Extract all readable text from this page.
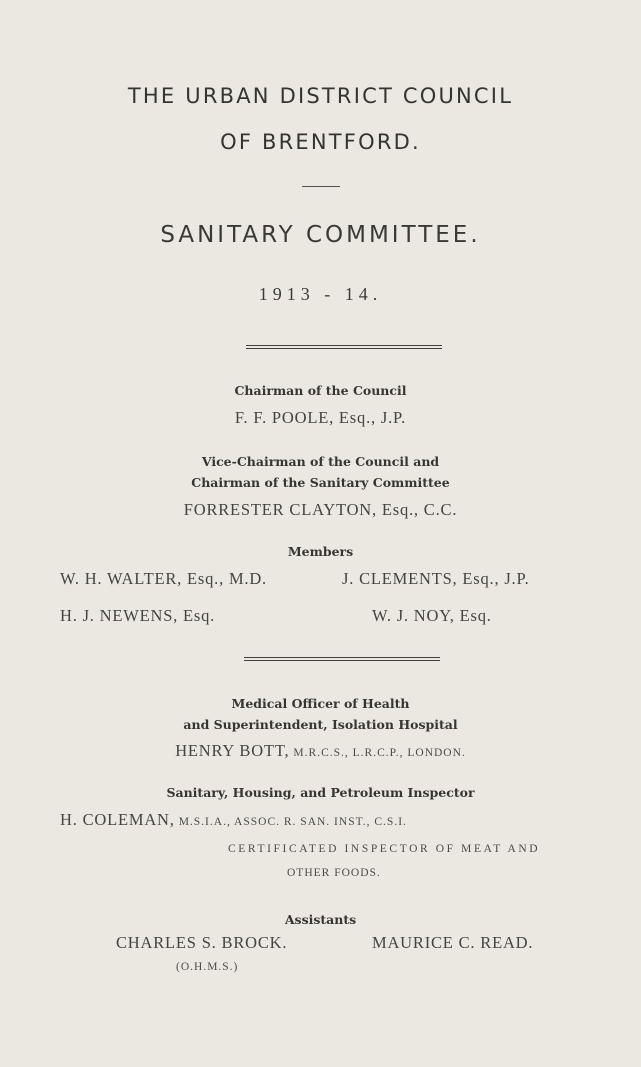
THE URBAN DISTRICT COUNCIL
OF BRENTFORD.
SANITARY COMMITTEE.
1913 - 14.
Chairman of the Council
F. F. POOLE, Esq., J.P.
Vice-Chairman of the Council and
Chairman of the Sanitary Committee
FORRESTER CLAYTON, Esq., C.C.
Members
W. H. WALTER, Esq., M.D.	J. CLEMENTS, Esq., J.P.
H. J. NEWENS, Esq.	W. J. NOY, Esq.
Medical Officer of Health
and Superintendent, Isolation Hospital
HENRY BOTT, M.R.C.S., L.R.C.P., LONDON.
Sanitary, Housing, and Petroleum Inspector
H. COLEMAN, M.S.I.A., ASSOC. R. SAN. INST., C.S.I.
CERTIFICATED INSPECTOR OF MEAT AND
OTHER FOODS.
Assistants
CHARLES S. BROCK.	MAURICE C. READ.
(O.H.M.S.)
